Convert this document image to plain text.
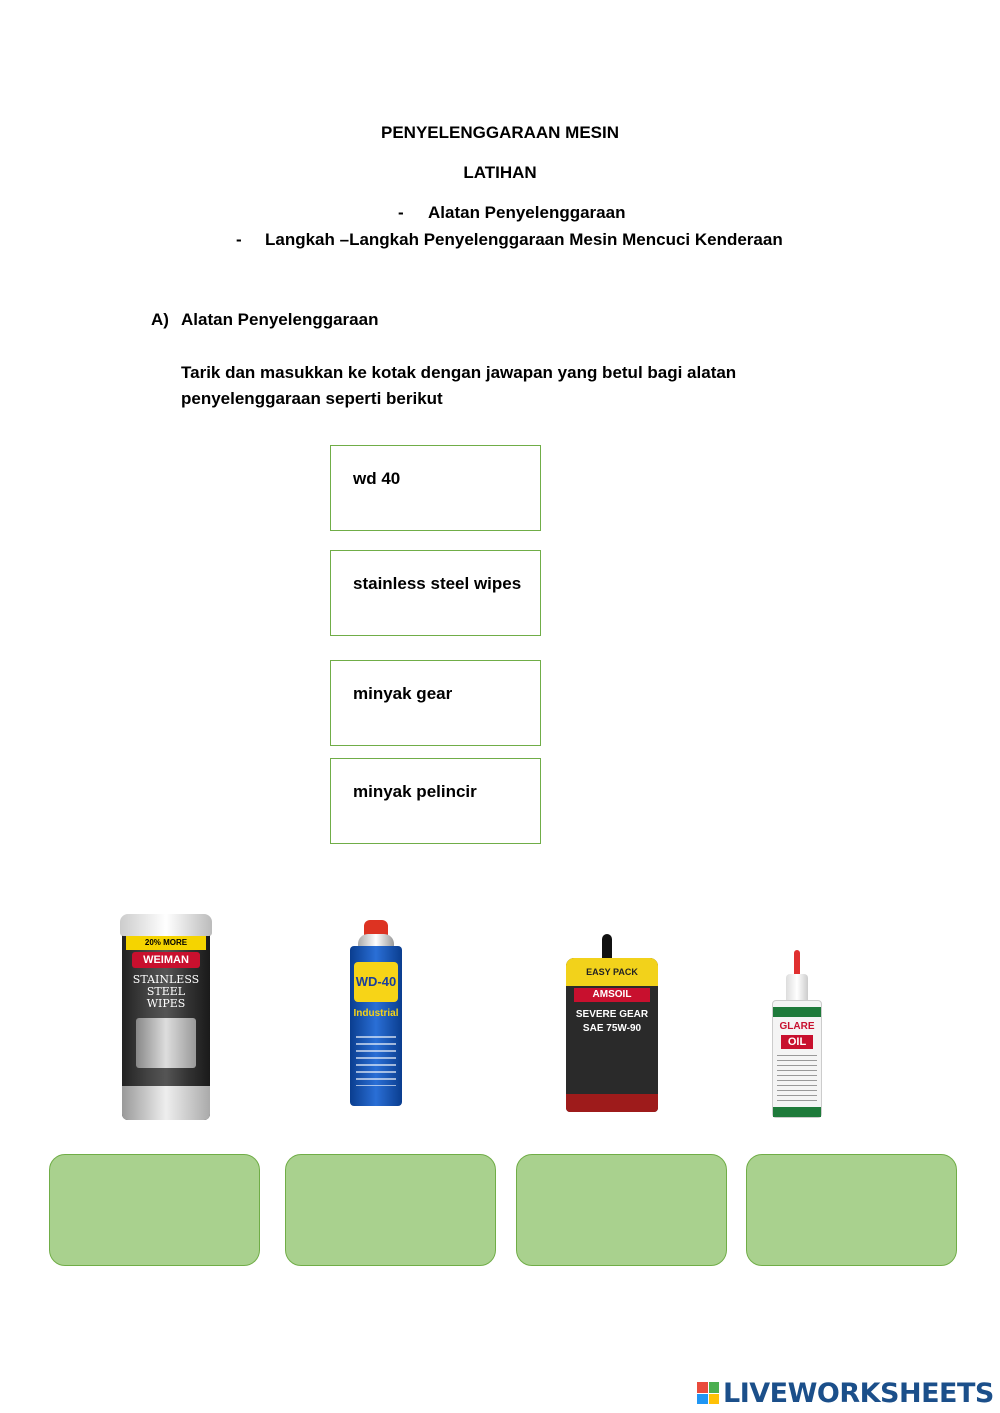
PENYELENGGARAAN MESIN
LATIHAN
- Alatan Penyelenggaraan
- Langkah –Langkah Penyelenggaraan Mesin Mencuci Kenderaan
A) Alatan Penyelenggaraan
Tarik dan masukkan ke kotak dengan jawapan yang betul bagi alatan
penyelenggaraan seperti berikut
wd 40
stainless steel wipes
minyak gear
minyak pelincir
20% MORE
WEIMAN
STAINLESS
STEEL
WIPES
WD-40
Industrial
EASY PACK
AMSOIL
SEVERE GEAR
SAE 75W-90	GLARE
OIL
LIVEWORKSHEETS
